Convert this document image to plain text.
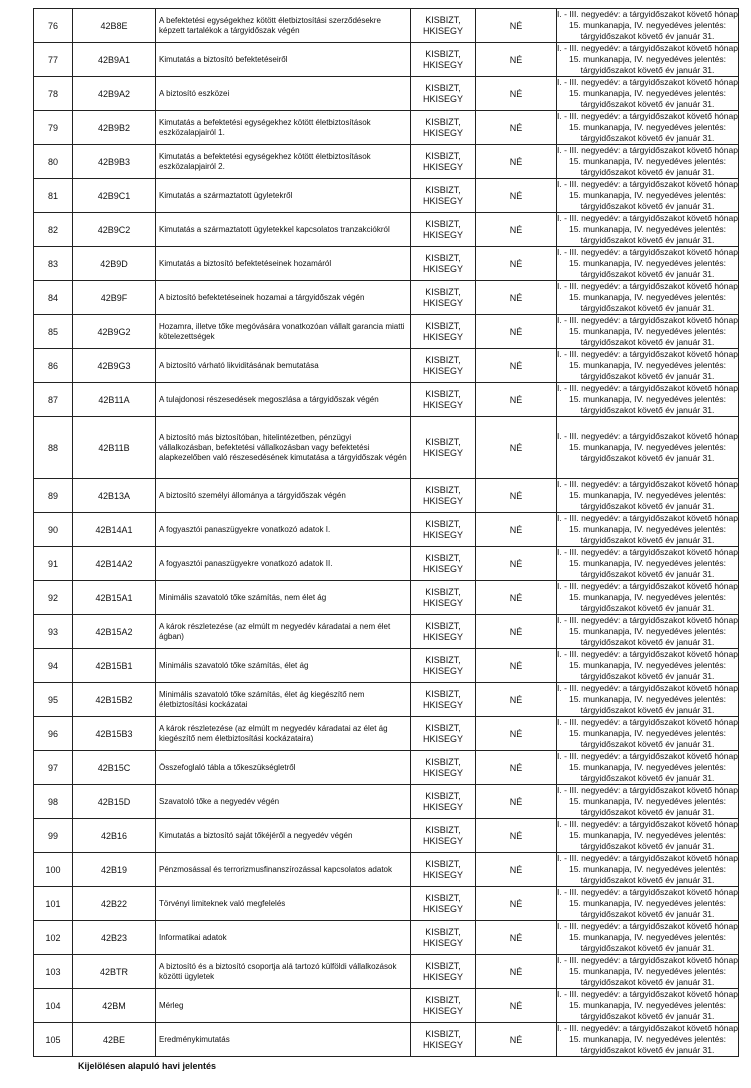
76	42B8E	A befektetési egységekhez kötött életbiztosítási szerződésekre képzett tartalékok a tárgyidőszak végén	KISBIZT,
HKISEGY	NÉ	I. - III. negyedév: a tárgyidőszakot követő hónap
15. munkanapja, IV. negyedéves jelentés:
tárgyidőszakot követő év január 31.

77	42B9A1	Kimutatás a biztosító befektetéseiről	KISBIZT,
HKISEGY	NÉ	I. - III. negyedév: a tárgyidőszakot követő hónap
15. munkanapja, IV. negyedéves jelentés:
tárgyidőszakot követő év január 31.

78	42B9A2	A biztosító eszközei	KISBIZT,
HKISEGY	NÉ	I. - III. negyedév: a tárgyidőszakot követő hónap
15. munkanapja, IV. negyedéves jelentés:
tárgyidőszakot követő év január 31.

79	42B9B2	Kimutatás a befektetési egységekhez kötött életbiztosítások eszközalapjairól 1.	KISBIZT,
HKISEGY	NÉ	I. - III. negyedév: a tárgyidőszakot követő hónap
15. munkanapja, IV. negyedéves jelentés:
tárgyidőszakot követő év január 31.

80	42B9B3	Kimutatás a befektetési egységekhez kötött életbiztosítások eszközalapjairól 2.	KISBIZT,
HKISEGY	NÉ	I. - III. negyedév: a tárgyidőszakot követő hónap
15. munkanapja, IV. negyedéves jelentés:
tárgyidőszakot követő év január 31.

81	42B9C1	Kimutatás a származtatott ügyletekről	KISBIZT,
HKISEGY	NÉ	I. - III. negyedév: a tárgyidőszakot követő hónap
15. munkanapja, IV. negyedéves jelentés:
tárgyidőszakot követő év január 31.

82	42B9C2	Kimutatás a származtatott ügyletekkel kapcsolatos tranzakciókról	KISBIZT,
HKISEGY	NÉ	I. - III. negyedév: a tárgyidőszakot követő hónap
15. munkanapja, IV. negyedéves jelentés:
tárgyidőszakot követő év január 31.

83	42B9D	Kimutatás a biztosító befektetéseinek hozamáról	KISBIZT,
HKISEGY	NÉ	I. - III. negyedév: a tárgyidőszakot követő hónap
15. munkanapja, IV. negyedéves jelentés:
tárgyidőszakot követő év január 31.

84	42B9F	A biztosító befektetéseinek hozamai a tárgyidőszak végén	KISBIZT,
HKISEGY	NÉ	I. - III. negyedév: a tárgyidőszakot követő hónap
15. munkanapja, IV. negyedéves jelentés:
tárgyidőszakot követő év január 31.

85	42B9G2	Hozamra, illetve tőke megóvására vonatkozóan vállalt garancia miatti kötelezettségek	KISBIZT,
HKISEGY	NÉ	I. - III. negyedév: a tárgyidőszakot követő hónap
15. munkanapja, IV. negyedéves jelentés:
tárgyidőszakot követő év január 31.

86	42B9G3	A biztosító várható likviditásának bemutatása	KISBIZT,
HKISEGY	NÉ	I. - III. negyedév: a tárgyidőszakot követő hónap
15. munkanapja, IV. negyedéves jelentés:
tárgyidőszakot követő év január 31.

87	42B11A	A tulajdonosi részesedések megoszlása a tárgyidőszak végén	KISBIZT,
HKISEGY	NÉ	I. - III. negyedév: a tárgyidőszakot követő hónap
15. munkanapja, IV. negyedéves jelentés:
tárgyidőszakot követő év január 31.

88	42B11B	A biztosító más biztosítóban, hitelintézetben, pénzügyi vállalkozásban, befektetési vállalkozásban vagy befektetési alapkezelőben való részesedésének kimutatása a tárgyidőszak végén	KISBIZT,
HKISEGY	NÉ	I. - III. negyedév: a tárgyidőszakot követő hónap
15. munkanapja, IV. negyedéves jelentés:
tárgyidőszakot követő év január 31.

89	42B13A	A biztosító személyi állománya a tárgyidőszak végén	KISBIZT,
HKISEGY	NÉ	I. - III. negyedév: a tárgyidőszakot követő hónap
15. munkanapja, IV. negyedéves jelentés:
tárgyidőszakot követő év január 31.

90	42B14A1	A fogyasztói panaszügyekre vonatkozó adatok I.	KISBIZT,
HKISEGY	NÉ	I. - III. negyedév: a tárgyidőszakot követő hónap
15. munkanapja, IV. negyedéves jelentés:
tárgyidőszakot követő év január 31.

91	42B14A2	A fogyasztói panaszügyekre vonatkozó adatok II.	KISBIZT,
HKISEGY	NÉ	I. - III. negyedév: a tárgyidőszakot követő hónap
15. munkanapja, IV. negyedéves jelentés:
tárgyidőszakot követő év január 31.

92	42B15A1	Minimális szavatoló tőke számítás, nem élet ág	KISBIZT,
HKISEGY	NÉ	I. - III. negyedév: a tárgyidőszakot követő hónap
15. munkanapja, IV. negyedéves jelentés:
tárgyidőszakot követő év január 31.

93	42B15A2	A károk részletezése (az elmúlt m negyedév káradatai a nem élet ágban)	KISBIZT,
HKISEGY	NÉ	I. - III. negyedév: a tárgyidőszakot követő hónap
15. munkanapja, IV. negyedéves jelentés:
tárgyidőszakot követő év január 31.

94	42B15B1	Minimális szavatoló tőke számítás, élet ág	KISBIZT,
HKISEGY	NÉ	I. - III. negyedév: a tárgyidőszakot követő hónap
15. munkanapja, IV. negyedéves jelentés:
tárgyidőszakot követő év január 31.

95	42B15B2	Minimális szavatoló tőke számítás, élet ág kiegészítő nem életbiztosítási kockázatai	KISBIZT,
HKISEGY	NÉ	I. - III. negyedév: a tárgyidőszakot követő hónap
15. munkanapja, IV. negyedéves jelentés:
tárgyidőszakot követő év január 31.

96	42B15B3	A károk részletezése (az elmúlt m negyedév káradatai az élet ág kiegészítő nem életbiztosítási kockázataira)	KISBIZT,
HKISEGY	NÉ	I. - III. negyedév: a tárgyidőszakot követő hónap
15. munkanapja, IV. negyedéves jelentés:
tárgyidőszakot követő év január 31.

97	42B15C	Összefoglaló tábla a tőkeszükségletről	KISBIZT,
HKISEGY	NÉ	I. - III. negyedév: a tárgyidőszakot követő hónap
15. munkanapja, IV. negyedéves jelentés:
tárgyidőszakot követő év január 31.

98	42B15D	Szavatoló tőke a negyedév végén	KISBIZT,
HKISEGY	NÉ	I. - III. negyedév: a tárgyidőszakot követő hónap
15. munkanapja, IV. negyedéves jelentés:
tárgyidőszakot követő év január 31.

99	42B16	Kimutatás a biztosító saját tőkéjéről a negyedév végén	KISBIZT,
HKISEGY	NÉ	I. - III. negyedév: a tárgyidőszakot követő hónap
15. munkanapja, IV. negyedéves jelentés:
tárgyidőszakot követő év január 31.

100	42B19	Pénzmosással és terrorizmusfinanszírozással kapcsolatos adatok	KISBIZT,
HKISEGY	NÉ	I. - III. negyedév: a tárgyidőszakot követő hónap
15. munkanapja, IV. negyedéves jelentés:
tárgyidőszakot követő év január 31.

101	42B22	Törvényi limiteknek való megfelelés	KISBIZT,
HKISEGY	NÉ	I. - III. negyedév: a tárgyidőszakot követő hónap
15. munkanapja, IV. negyedéves jelentés:
tárgyidőszakot követő év január 31.

102	42B23	Informatikai adatok	KISBIZT,
HKISEGY	NÉ	I. - III. negyedév: a tárgyidőszakot követő hónap
15. munkanapja, IV. negyedéves jelentés:
tárgyidőszakot követő év január 31.

103	42BTR	A biztosító és a biztosító csoportja alá tartozó külföldi vállalkozások közötti ügyletek	KISBIZT,
HKISEGY	NÉ	I. - III. negyedév: a tárgyidőszakot követő hónap
15. munkanapja, IV. negyedéves jelentés:
tárgyidőszakot követő év január 31.

104	42BM	Mérleg	KISBIZT,
HKISEGY	NÉ	I. - III. negyedév: a tárgyidőszakot követő hónap
15. munkanapja, IV. negyedéves jelentés:
tárgyidőszakot követő év január 31.

105	42BE	Eredménykimutatás	KISBIZT,
HKISEGY	NÉ	I. - III. negyedév: a tárgyidőszakot követő hónap
15. munkanapja, IV. negyedéves jelentés:
tárgyidőszakot követő év január 31.
Kijelölésen alapuló havi jelentés
